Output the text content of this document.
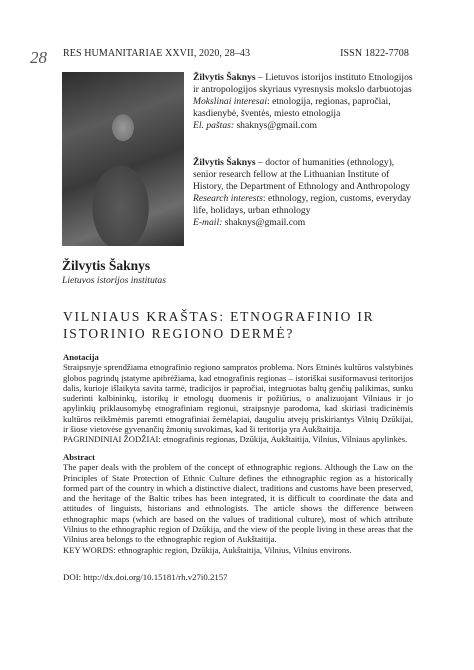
28 RES HUMANITARIAE XXVII, 2020, 28–43	ISSN 1822-7708

Žilvytis Šaknys – Lietuvos istorijos instituto Etnologijos ir antropologijos skyriaus vyresnysis mokslo darbuotojas

Mokslinai interesai: etnologija, regionas, papročiai, kasdienybė, šventės, miesto etnologija

El. paštas: shaknys@gmail.com

Žilvytis Šaknys – doctor of humanities (ethnology), senior research fellow at the Lithuanian Institute of History, the Department of Ethnology and Anthropology

Research interests: ethnology, region, customs, everyday life, holidays, urban ethnology

E-mail: shaknys@gmail.com

Žilvytis Šaknys
Lietuvos istorijos institutas
VILNIAUS KRAŠTAS: ETNOGRAFINIO IR
ISTORINIO REGIONO DERMĖ?
Anotacija

Straipsnyje sprendžiama etnografinio regiono sampratos problema. Nors Etninės kultūros valstybinės globos pagrindų įstatyme apibrėžiama, kad etnografinis regionas – istoriškai susiformavusi teritorijos dalis, kurioje išlaikyta savita tarmė, tradicijos ir papročiai, integruotas baltų genčių palikimas, sunku suderinti kalbininkų, istorikų ir etnologų duomenis ir požiūrius, o analizuojant Vilniaus ir jo apylinkių priklausomybę etnografiniam regionui, straipsnyje parodoma, kad skiriasi tradicinėmis kultūros reikšmėmis paremti etnografiniai žemėlapiai, dauguliu atvejų priskiriantys Vilnių Dzūkijai, ir šiose vietovėse gyvenančių žmonių suvokimas, kad ši teritorija yra Aukštaitija.

PAGRINDINIAI ŽODŽIAI: etnografinis regionas, Dzūkija, Aukštaitija, Vilnius, Vilniaus apylinkės.

Abstract

The paper deals with the problem of the concept of ethnographic regions. Although the Law on the Principles of State Protection of Ethnic Culture defines the ethnographic region as a historically formed part of the country in which a distinctive dialect, traditions and customs have been preserved, and the heritage of the Baltic tribes has been integrated, it is difficult to coordinate the data and attitudes of linguists, historians and ethnologists. The article shows the difference between ethnographic maps (which are based on the values of traditional culture), most of which attribute Vilnius to the ethnographic region of Dzūkija, and the view of the people living in these areas that the Vilnius area belongs to the ethnographic region of Aukštaitija.

KEY WORDS: ethnographic region, Dzūkija, Aukštaitija, Vilnius, Vilnius environs.

DOI: http://dx.doi.org/10.15181/rh.v27i0.2157
